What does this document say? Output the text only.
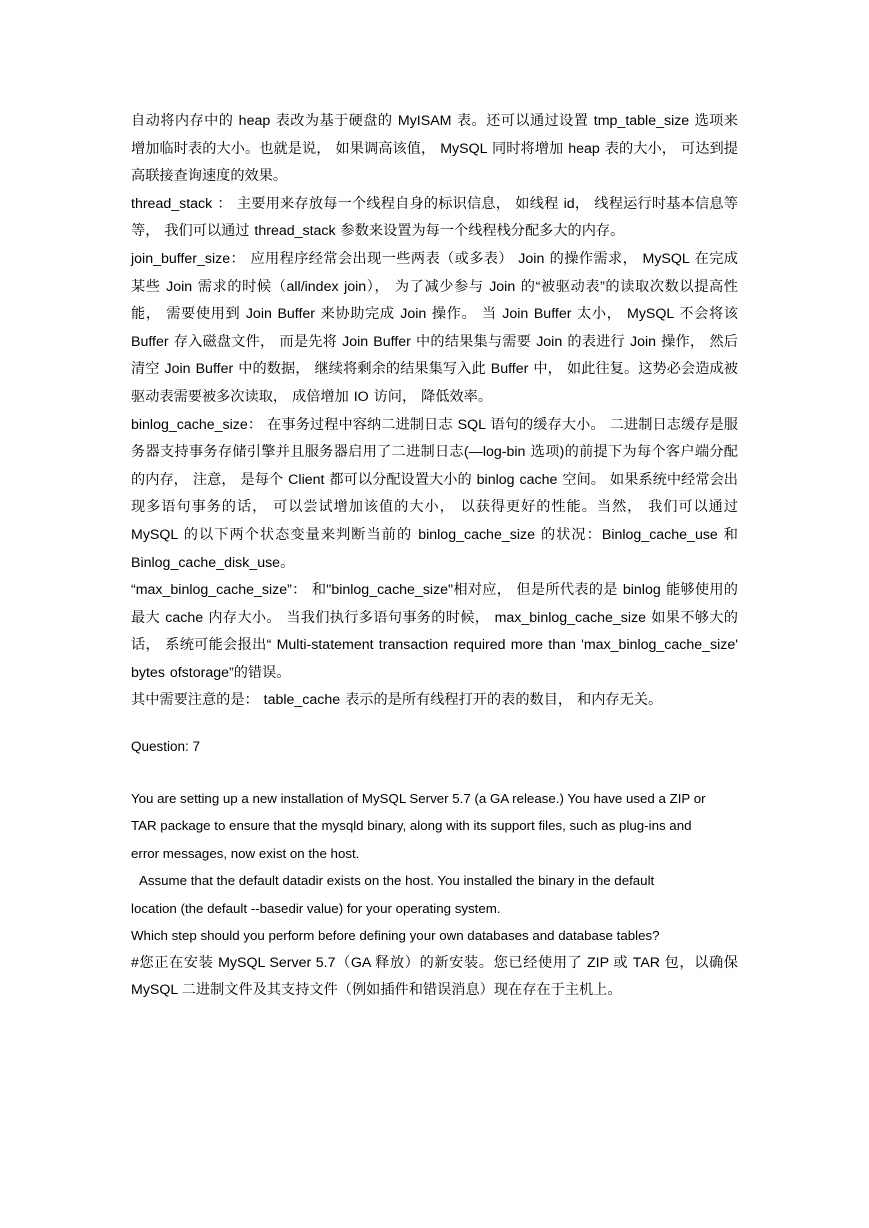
自动将内存中的 heap 表改为基于硬盘的 MyISAM 表。还可以通过设置 tmp_table_size 选项来增加临时表的大小。也就是说， 如果调高该值， MySQL 同时将增加 heap 表的大小， 可达到提高联接查询速度的效果。

thread_stack ： 主要用来存放每一个线程自身的标识信息， 如线程 id， 线程运行时基本信息等等， 我们可以通过 thread_stack 参数来设置为每一个线程栈分配多大的内存。

join_buffer_size： 应用程序经常会出现一些两表（或多表） Join 的操作需求， MySQL 在完成某些 Join 需求的时候（all/index join）， 为了减少参与 Join 的“被驱动表”的读取次数以提高性能， 需要使用到 Join Buffer 来协助完成 Join 操作。 当 Join Buffer 太小， MySQL 不会将该 Buffer 存入磁盘文件， 而是先将 Join Buffer 中的结果集与需要 Join 的表进行 Join 操作， 然后清空 Join Buffer 中的数据， 继续将剩余的结果集写入此 Buffer 中， 如此往复。这势必会造成被驱动表需要被多次读取， 成倍增加 IO 访问， 降低效率。

binlog_cache_size： 在事务过程中容纳二进制日志 SQL 语句的缓存大小。 二进制日志缓存是服务器支持事务存储引擎并且服务器启用了二进制日志(—log-bin 选项)的前提下为每个客户端分配的内存， 注意， 是每个 Client 都可以分配设置大小的 binlog cache 空间。 如果系统中经常会出现多语句事务的话， 可以尝试增加该值的大小， 以获得更好的性能。当然， 我们可以通过 MySQL 的以下两个状态变量来判断当前的 binlog_cache_size 的状况：Binlog_cache_use 和 Binlog_cache_disk_use。

“max_binlog_cache_size”： 和"binlog_cache_size"相对应， 但是所代表的是 binlog 能够使用的最大 cache 内存大小。 当我们执行多语句事务的时候， max_binlog_cache_size 如果不够大的话， 系统可能会报出“ Multi-statement transaction required more than 'max_binlog_cache_size' bytes ofstorage”的错误。

其中需要注意的是： table_cache 表示的是所有线程打开的表的数目， 和内存无关。

Question: 7

You are setting up a new installation of MySQL Server 5.7 (a GA release.) You have used a ZIP or

TAR package to ensure that the mysqld binary, along with its support files, such as plug-ins and

error messages, now exist on the host.

Assume that the default datadir exists on the host. You installed the binary in the default

location (the default --basedir value) for your operating system.

Which step should you perform before defining your own databases and database tables?

#您正在安装 MySQL Server 5.7（GA 释放）的新安装。您已经使用了 ZIP 或 TAR 包，以确保 MySQL 二进制文件及其支持文件（例如插件和错误消息）现在存在于主机上。
